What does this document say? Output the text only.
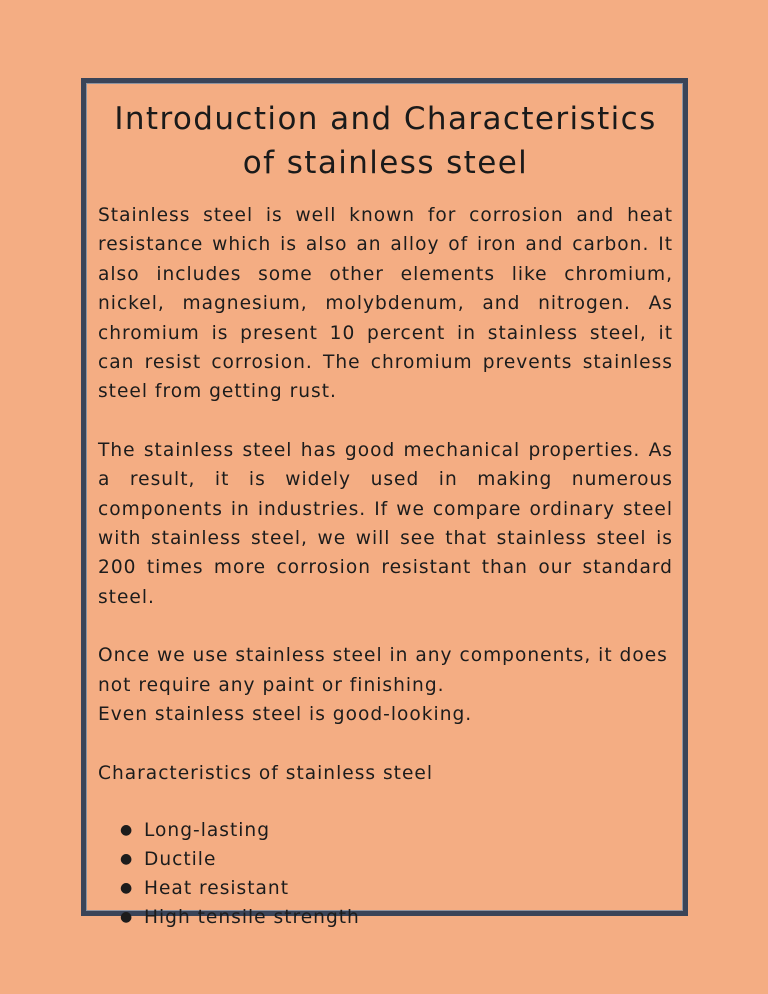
Introduction and Characteristics of stainless steel

Stainless steel is well known for corrosion and heat resistance which is also an alloy of iron and carbon. It also includes some other elements like chromium, nickel, magnesium, molybdenum, and nitrogen. As chromium is present 10 percent in stainless steel, it can resist corrosion. The chromium prevents stainless steel from getting rust.

The stainless steel has good mechanical properties. As a result, it is widely used in making numerous components in industries. If we compare ordinary steel with stainless steel, we will see that stainless steel is 200 times more corrosion resistant than our standard steel.

Once we use stainless steel in any components, it does not require any paint or finishing.
Even stainless steel is good-looking.

Characteristics of stainless steel

● Long-lasting
● Ductile
● Heat resistant
● High tensile strength
